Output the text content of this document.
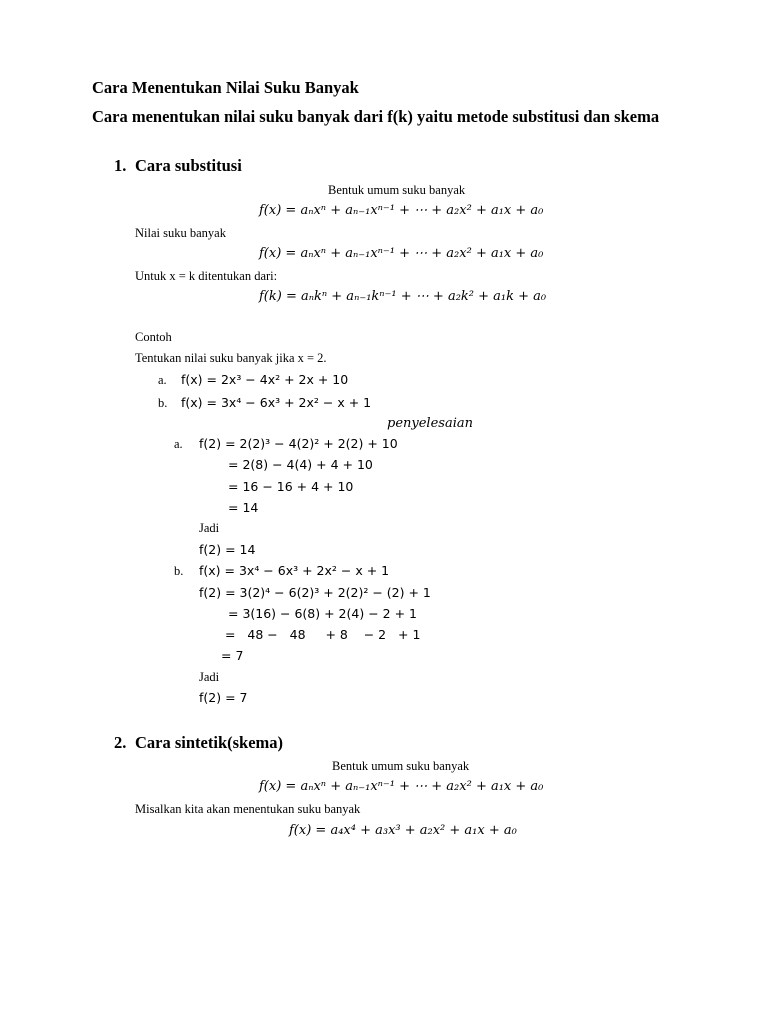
Cara Menentukan Nilai Suku Banyak
Cara menentukan nilai suku banyak dari f(k) yaitu metode substitusi dan skema
1. Cara substitusi
Bentuk umum suku banyak
f(x) = aₙxⁿ + aₙ₋₁xⁿ⁻¹ + ⋯ + a₂x² + a₁x + a₀
Nilai suku banyak
f(x) = aₙxⁿ + aₙ₋₁xⁿ⁻¹ + ⋯ + a₂x² + a₁x + a₀
Untuk x = k ditentukan dari:
f(k) = aₙkⁿ + aₙ₋₁kⁿ⁻¹ + ⋯ + a₂k² + a₁k + a₀
Contoh
Tentukan nilai suku banyak jika x = 2.
a. f(x) = 2x³ − 4x² + 2x + 10
b. f(x) = 3x⁴ − 6x³ + 2x² − x + 1
penyelesaian
a. f(2) = 2(2)³ − 4(2)² + 2(2) + 10
= 2(8) − 4(4) + 4 + 10
= 16 − 16 + 4 + 10
= 14
Jadi
f(2) = 14
b. f(x) = 3x⁴ − 6x³ + 2x² − x + 1
f(2) = 3(2)⁴ − 6(2)³ + 2(2)² − (2) + 1
= 3(16) − 6(8) + 2(4) − 2 + 1
=   48 −   48     + 8    − 2   + 1
= 7
Jadi
f(2) = 7
2. Cara sintetik(skema)
Bentuk umum suku banyak
f(x) = aₙxⁿ + aₙ₋₁xⁿ⁻¹ + ⋯ + a₂x² + a₁x + a₀
Misalkan kita akan menentukan suku banyak
f(x) = a₄x⁴ + a₃x³ + a₂x² + a₁x + a₀
